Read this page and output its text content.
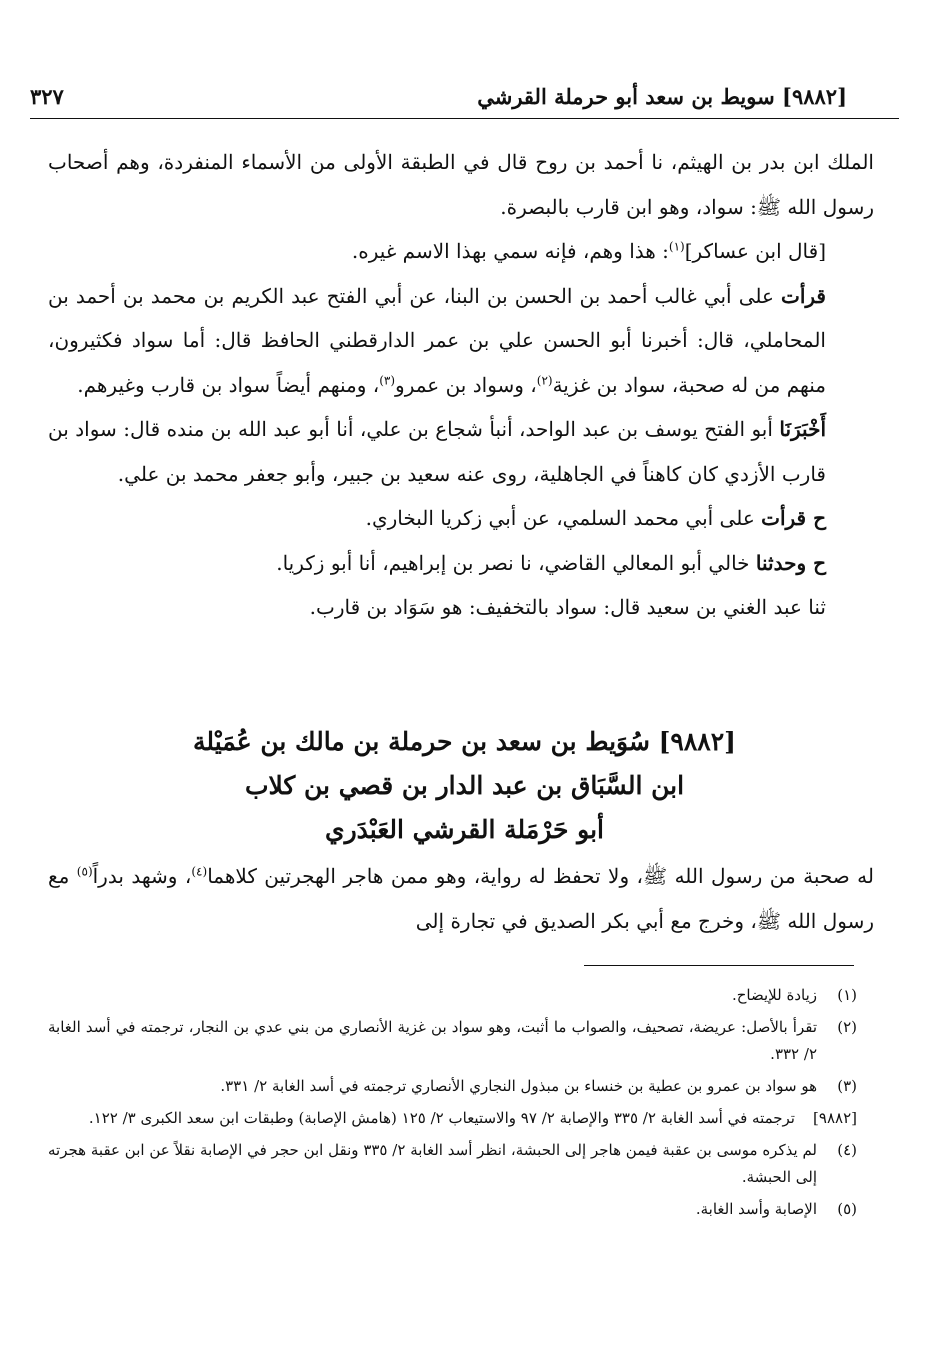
[٩٨٨٢] سويط بن سعد أبو حرملة القرشي
٣٢٧

الملك ابن بدر بن الهيثم، نا أحمد بن روح قال في الطبقة الأولى من الأسماء المنفردة، وهم أصحاب رسول الله ﷺ: سواد، وهو ابن قارب بالبصرة.

[قال ابن عساكر]$^{(١)}$: هذا وهم، فإنه سمي بهذا الاسم غيره.

قرأت على أبي غالب أحمد بن الحسن بن البنا، عن أبي الفتح عبد الكريم بن محمد بن أحمد بن المحاملي، قال: أخبرنا أبو الحسن علي بن عمر الدارقطني الحافظ قال: أما سواد فكثيرون، منهم من له صحبة، سواد بن غزية$^{(٢)}$، وسواد بن عمرو$^{(٣)}$، ومنهم أيضاً سواد بن قارب وغيرهم.

أَخْبَرَنَا أبو الفتح يوسف بن عبد الواحد، أنبأ شجاع بن علي، أنا أبو عبد الله بن منده قال: سواد بن قارب الأزدي كان كاهناً في الجاهلية، روى عنه سعيد بن جبير، وأبو جعفر محمد بن علي.

ح قرأت على أبي محمد السلمي، عن أبي زكريا البخاري.

ح وحدثنا خالي أبو المعالي القاضي، نا نصر بن إبراهيم، أنا أبو زكريا.

ثنا عبد الغني بن سعيد قال: سواد بالتخفيف: هو سَوَاد بن قارب.

[٩٨٨٢] سُوَيط بن سعد بن حرملة بن مالك بن عُمَيْلة
ابن السَّبَاق بن عبد الدار بن قصي بن كلاب
أبو حَرْمَلة القرشي العَبْدَري

له صحبة من رسول الله ﷺ، ولا تحفظ له رواية، وهو ممن هاجر الهجرتين كلاهما$^{(٤)}$، وشهد بدراً$^{(٥)}$ مع رسول الله ﷺ، وخرج مع أبي بكر الصديق في تجارة إلى

(١)
زيادة للإيضاح.
(٢)
تقرأ بالأصل: عريضة، تصحيف، والصواب ما أثبت، وهو سواد بن غزية الأنصاري من بني عدي بن النجار، ترجمته في أسد الغابة ٢/ ٣٣٢.
(٣)
هو سواد بن عمرو بن عطية بن خنساء بن مبذول النجاري الأنصاري ترجمته في أسد الغابة ٢/ ٣٣١.
[٩٨٨٢]
ترجمته في أسد الغابة ٢/ ٣٣٥ والإصابة ٢/ ٩٧ والاستيعاب ٢/ ١٢٥ (هامش الإصابة) وطبقات ابن سعد الكبرى ٣/ ١٢٢.
(٤)
لم يذكره موسى بن عقبة فيمن هاجر إلى الحبشة، انظر أسد الغابة ٢/ ٣٣٥ ونقل ابن حجر في الإصابة نقلاً عن ابن عقبة هجرته إلى الحبشة.
(٥)
الإصابة وأسد الغابة.
